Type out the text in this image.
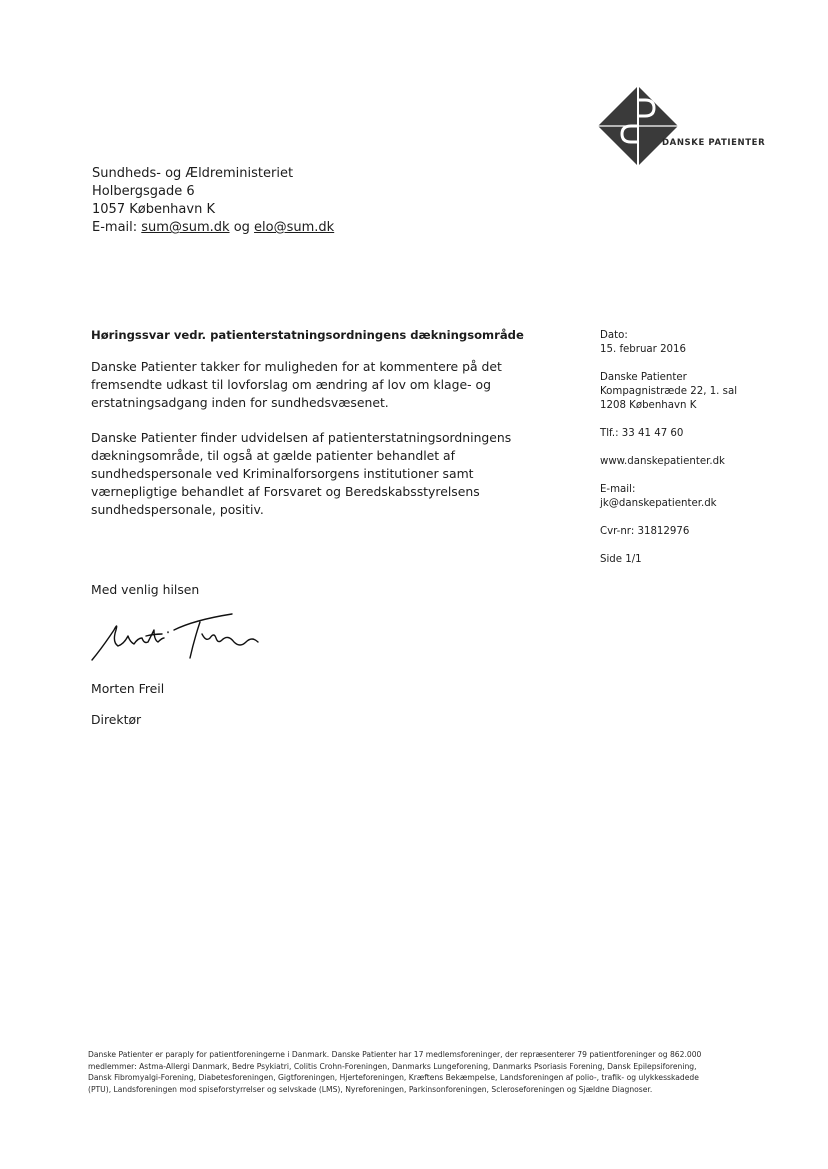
DANSKE PATIENTER
Sundheds- og Ældreministeriet
Holbergsgade 6
1057 København K
E-mail: sum@sum.dk og elo@sum.dk
Høringssvar vedr. patienterstatningsordningens dækningsområde
Danske Patienter takker for muligheden for at kommentere på det
fremsendte udkast til lovforslag om ændring af lov om klage- og
erstatningsadgang inden for sundhedsvæsenet.
Danske Patienter finder udvidelsen af patienterstatningsordningens
dækningsområde, til også at gælde patienter behandlet af
sundhedspersonale ved Kriminalforsorgens institutioner samt
værnepligtige behandlet af Forsvaret og Beredskabsstyrelsens
sundhedspersonale, positiv.
Dato:
15. februar 2016
Danske Patienter
Kompagnistræde 22, 1. sal
1208 København K
Tlf.: 33 41 47 60
www.danskepatienter.dk
E-mail:
jk@danskepatienter.dk
Cvr-nr: 31812976
Side 1/1
Med venlig hilsen
Morten Freil
Direktør
Danske Patienter er paraply for patientforeningerne i Danmark. Danske Patienter har 17 medlemsforeninger, der repræsenterer 79 patientforeninger og 862.000
medlemmer: Astma-Allergi Danmark, Bedre Psykiatri, Colitis Crohn-Foreningen, Danmarks Lungeforening, Danmarks Psoriasis Forening, Dansk Epilepsiforening,
Dansk Fibromyalgi-Forening, Diabetesforeningen, Gigtforeningen, Hjerteforeningen, Kræftens Bekæmpelse, Landsforeningen af polio-, trafik- og ulykkesskadede
(PTU), Landsforeningen mod spiseforstyrrelser og selvskade (LMS), Nyreforeningen, Parkinsonforeningen, Scleroseforeningen og Sjældne Diagnoser.
